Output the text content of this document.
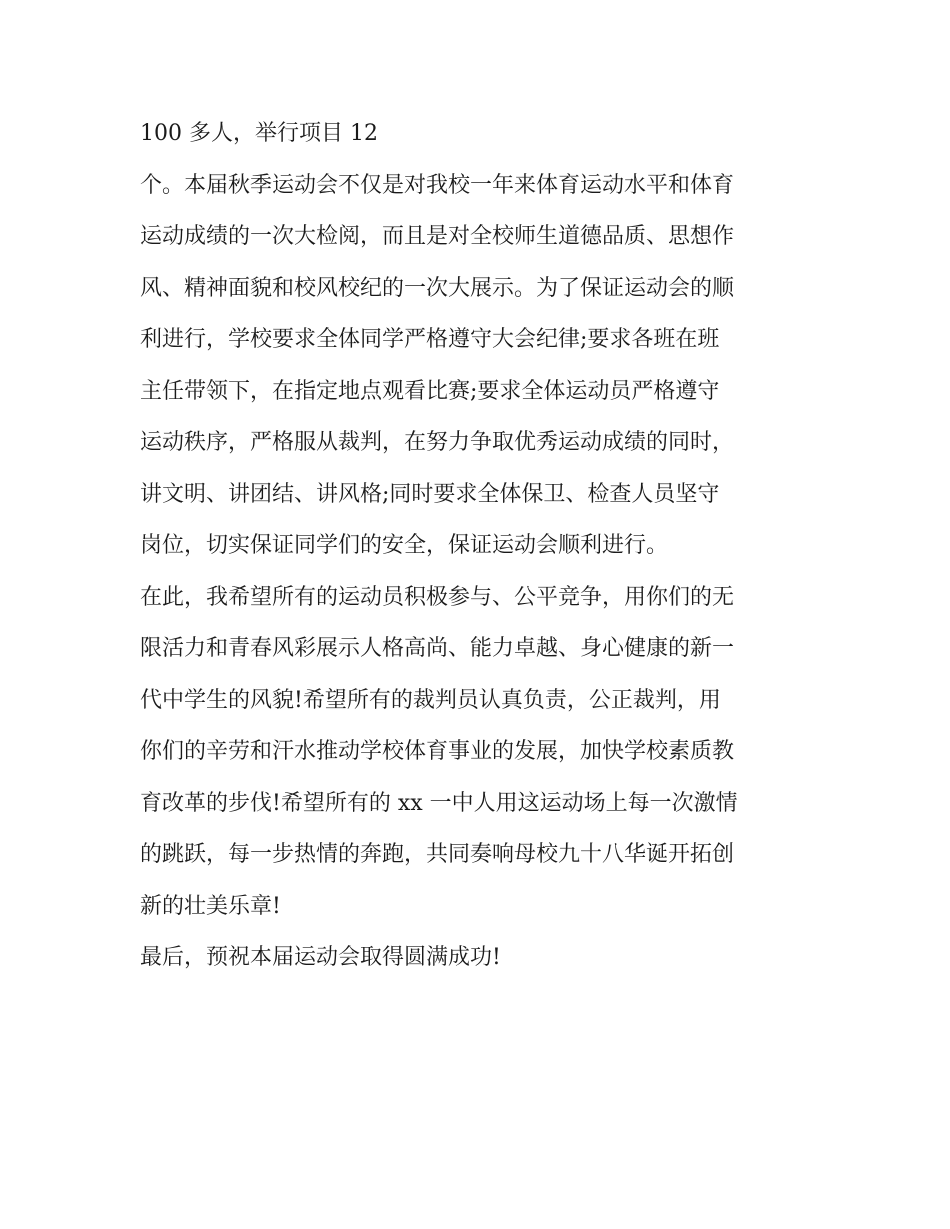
100 多人，举行项目 12
个。本届秋季运动会不仅是对我校一年来体育运动水平和体育
运动成绩的一次大检阅，而且是对全校师生道德品质、思想作
风、精神面貌和校风校纪的一次大展示。为了保证运动会的顺
利进行，学校要求全体同学严格遵守大会纪律;要求各班在班
主任带领下，在指定地点观看比赛;要求全体运动员严格遵守
运动秩序，严格服从裁判，在努力争取优秀运动成绩的同时，
讲文明、讲团结、讲风格;同时要求全体保卫、检查人员坚守
岗位，切实保证同学们的安全，保证运动会顺利进行。
在此，我希望所有的运动员积极参与、公平竞争，用你们的无
限活力和青春风彩展示人格高尚、能力卓越、身心健康的新一
代中学生的风貌!希望所有的裁判员认真负责，公正裁判，用
你们的辛劳和汗水推动学校体育事业的发展，加快学校素质教
育改革的步伐!希望所有的 xx 一中人用这运动场上每一次激情
的跳跃，每一步热情的奔跑，共同奏响母校九十八华诞开拓创
新的壮美乐章!
最后，预祝本届运动会取得圆满成功!
